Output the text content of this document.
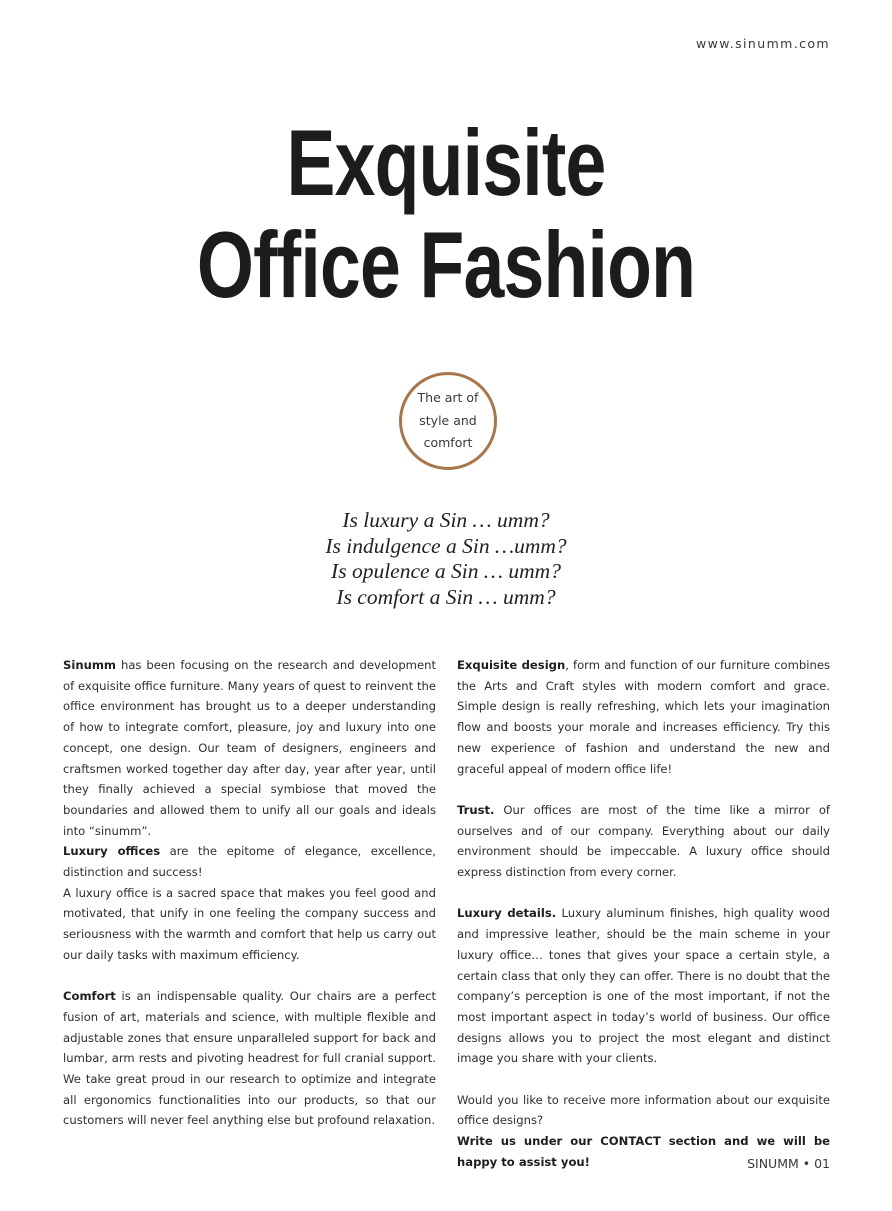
www.sinumm.com
Exquisite
Office Fashion
The art of style and comfort
Is luxury a Sin … umm?
Is indulgence a Sin …umm?
Is opulence a Sin … umm?
Is comfort a Sin … umm?

Sinumm has been focusing on the research and development of exquisite office furniture. Many years of quest to reinvent the office environment has brought us to a deeper understanding of how to integrate comfort, pleasure, joy and luxury into one concept, one design. Our team of designers, engineers and craftsmen worked together day after day, year after year, until they finally achieved a special symbiose that moved the boundaries and allowed them to unify all our goals and ideals into “sinumm”.

Luxury offices are the epitome of elegance, excellence, distinction and success!

A luxury office is a sacred space that makes you feel good and motivated, that unify in one feeling the company success and seriousness with the warmth and comfort that help us carry out our daily tasks with maximum efficiency.

Comfort is an indispensable quality. Our chairs are a perfect fusion of art, materials and science, with multiple flexible and adjustable zones that ensure unparalleled support for back and lumbar, arm rests and pivoting headrest for full cranial support. We take great proud in our research to optimize and integrate all ergonomics functionalities into our products, so that our customers will never feel anything else but profound relaxation.

Exquisite design, form and function of our furniture combines the Arts and Craft styles with modern comfort and grace. Simple design is really refreshing, which lets your imagination flow and boosts your morale and increases efficiency. Try this new experience of fashion and understand the new and graceful appeal of modern office life!

Trust. Our offices are most of the time like a mirror of ourselves and of our company. Everything about our daily environment should be impeccable. A luxury office should express distinction from every corner.

Luxury details. Luxury aluminum finishes, high quality wood and impressive leather, should be the main scheme in your luxury office… tones that gives your space a certain style, a certain class that only they can offer. There is no doubt that the company’s perception is one of the most important, if not the most important aspect in today’s world of business. Our office designs allows you to project the most elegant and distinct image you share with your clients.

Would you like to receive more information about our exquisite office designs?

Write us under our CONTACT section and we will be happy to assist you!	SINUMM • 01
